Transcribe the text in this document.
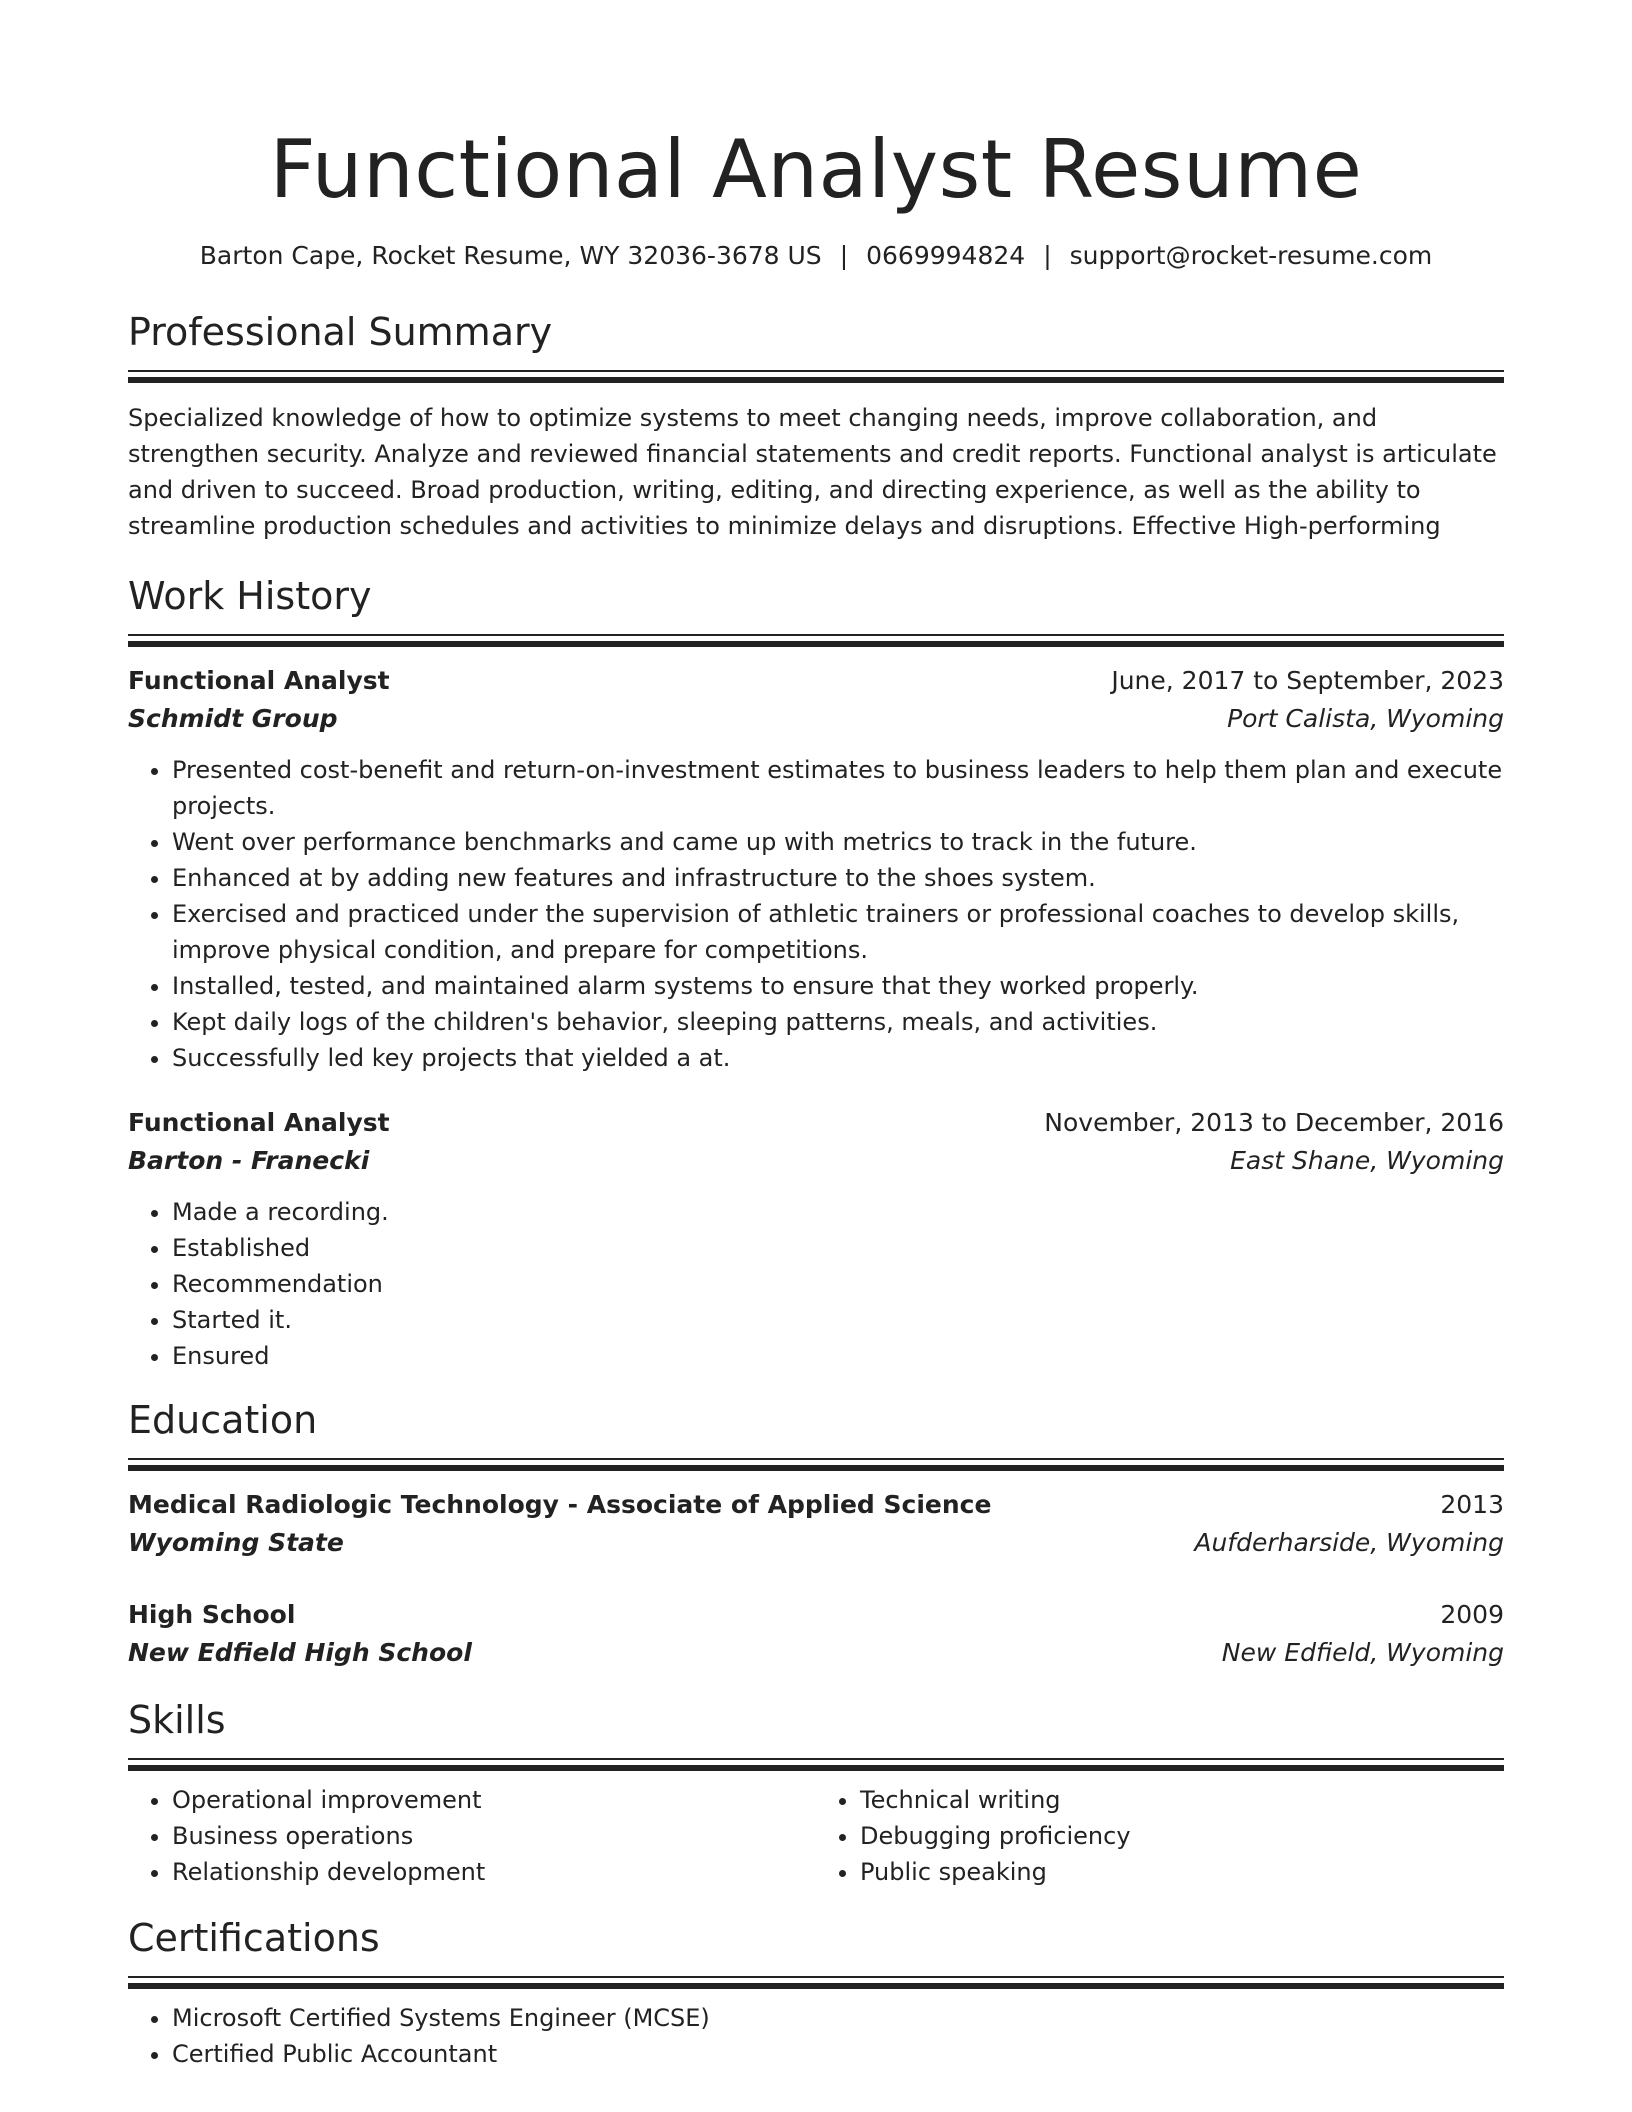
Functional Analyst Resume
Barton Cape, Rocket Resume, WY 32036-3678 US | 0669994824 | support@rocket-resume.com
Professional Summary

Specialized knowledge of how to optimize systems to meet changing needs, improve collaboration, and strengthen security. Analyze and reviewed financial statements and credit reports. Functional analyst is articulate and driven to succeed. Broad production, writing, editing, and directing experience, as well as the ability to streamline production schedules and activities to minimize delays and disruptions. Effective High-performing

Work History
Functional Analyst	June, 2017 to September, 2023
Schmidt Group	Port Calista, Wyoming
• Presented cost-benefit and return-on-investment estimates to business leaders to help them plan and execute projects.
• Went over performance benchmarks and came up with metrics to track in the future.
• Enhanced at by adding new features and infrastructure to the shoes system.
• Exercised and practiced under the supervision of athletic trainers or professional coaches to develop skills, improve physical condition, and prepare for competitions.
• Installed, tested, and maintained alarm systems to ensure that they worked properly.
• Kept daily logs of the children's behavior, sleeping patterns, meals, and activities.
• Successfully led key projects that yielded a at.
Functional Analyst	November, 2013 to December, 2016
Barton - Franecki	East Shane, Wyoming
• Made a recording.
• Established
• Recommendation
• Started it.
• Ensured
Education
Medical Radiologic Technology - Associate of Applied Science	2013
Wyoming State	Aufderharside, Wyoming
High School	2009
New Edfield High School	New Edfield, Wyoming
Skills
• Operational improvement
• Business operations
• Relationship development
• Technical writing
• Debugging proficiency
• Public speaking
Certifications
• Microsoft Certified Systems Engineer (MCSE)
• Certified Public Accountant
